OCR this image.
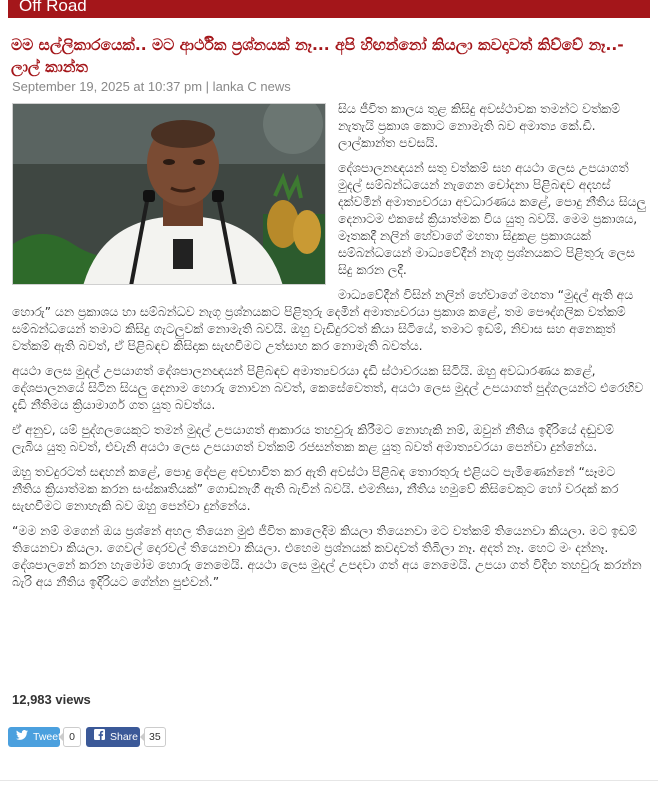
Off Road
මම සල්ලිකාරයෙක්.. මට ආර්ථික ප්‍රශ්නයක් නෑ... අපි හිඟන්නෝ කියලා කවදාවත් කිව්වේ නෑ..- ලාල් කාන්ත
September 19, 2025 at 10:37 pm | lanka C news

සිය ජීවිත කාලය තුළ කිසිදු අවස්ථාවක තමන්ට වත්කම් නැතැයි ප්‍රකාශ කොට නොමැති බව අමාත්‍ය කේ.ඩී. ලාල්කාන්ත පවසයි.

දේශපාලනඥයන් සතු වත්කම් සහ අයථා ලෙස උපයාගත් මුදල් සම්බන්ධයෙන් නැගෙන චෝදනා පිළිබඳව අදහස් දක්වමින් අමාත්‍යවරයා අවධාරණය කළේ, පොදු නීතිය සියලු දෙනාටම එකසේ ක්‍රියාත්මක විය යුතු බවයි. මෙම ප්‍රකාශය, මෑතකදී නලින් හේවාගේ මහතා සිදුකළ ප්‍රකාශයක් සම්බන්ධයෙන් මාධ්‍යවේදීන් නැගූ ප්‍රශ්නයකට පිළිතුරු ලෙස සිදු කරන ලදී.

මාධ්‍යවේදීන් විසින් නලින් හේවාගේ මහතා “මුදල් ඇති අය හොරු” යන ප්‍රකාශය හා සම්බන්ධව නැගූ ප්‍රශ්නයකට පිළිතුරු දෙමින් අමාත්‍යවරයා ප්‍රකාශ කළේ, තම පෞද්ගලික වත්කම් සම්බන්ධයෙන් තමාට කිසිදු ගැටලුවක් නොමැති බවයි. ඔහු වැඩිදුරටත් කියා සිටියේ, තමාට ඉඩම්, නිවාස සහ අනෙකුත් වත්කම් ඇති බවත්, ඒ පිළිබඳව කිසිදාක සැඟවීමට උත්සාහ කර නොමැති බවත්ය.

අයථා ලෙස මුදල් උපයාගත් දේශපාලනඥයන් පිළිබඳව අමාත්‍යවරයා දැඩි ස්ථාවරයක සිටියි. ඔහු අවධාරණය කළේ, දේශපාලනයේ සිටින සියලු දෙනාම හොරු නොවන බවත්, කෙසේවෙතත්, අයථා ලෙස මුදල් උපයාගත් පුද්ගලයන්ට එරෙහිව දැඩි නීතිමය ක්‍රියාමාර්ග ගත යුතු බවත්ය.

ඒ අනුව, යම් පුද්ගලයෙකුට තමන් මුදල් උපයාගත් ආකාරය තහවුරු කිරීමට නොහැකි නම්, ඔවුන් නීතිය ඉදිරියේ දඬුවම් ලැබිය යුතු බවත්, එවැනි අයථා ලෙස උපයාගත් වත්කම් රජසන්තක කළ යුතු බවත් අමාත්‍යවරයා පෙන්වා දුන්නේය.

ඔහු තවදුරටත් සඳහන් කළේ, පොදු දේපළ අවභාවිත කර ඇති අවස්ථා පිළිබඳ තොරතුරු එළියට පැමිණෙන්නේ “සෑමට නීතිය ක්‍රියාත්මක කරන සංස්කෘතියක්” ගොඩනැගී ඇති බැවින් බවයි. එමනිසා, නීතිය හමුවේ කිසිවෙකුට හෝ වරදක් කර සැඟවීමට නොහැකි බව ඔහු පෙන්වා දුන්නේය.

“මම නම් මගෙන් ඔය ප්‍රශ්නේ අහල තියෙන මුළු ජීවිත කාලෙදිම කියලා තියෙනවා මට වත්කම් තියෙනවා කියලා. මට ඉඩම් තියෙනවා කියලා. ගෙවල් දොරවල් තියෙනවා කියලා. එහෙම ප්‍රශ්නයක් කවදාවත් තිබිලා නෑ. අදත් නෑ. හෙට මං දන්නෑ. දේශපාලනේ කරන හැමෝම හොරු නෙමෙයි. අයථා ලෙස මුදල් උපදවා ගත් අය නෙමෙයි. උපයා ගත් විදිහ තහවුරු කරන්න බැරි අය නීතිය ඉදිරියට ගේන්න පුළුවන්.”

12,983 views
Tweet 0	Share	35
